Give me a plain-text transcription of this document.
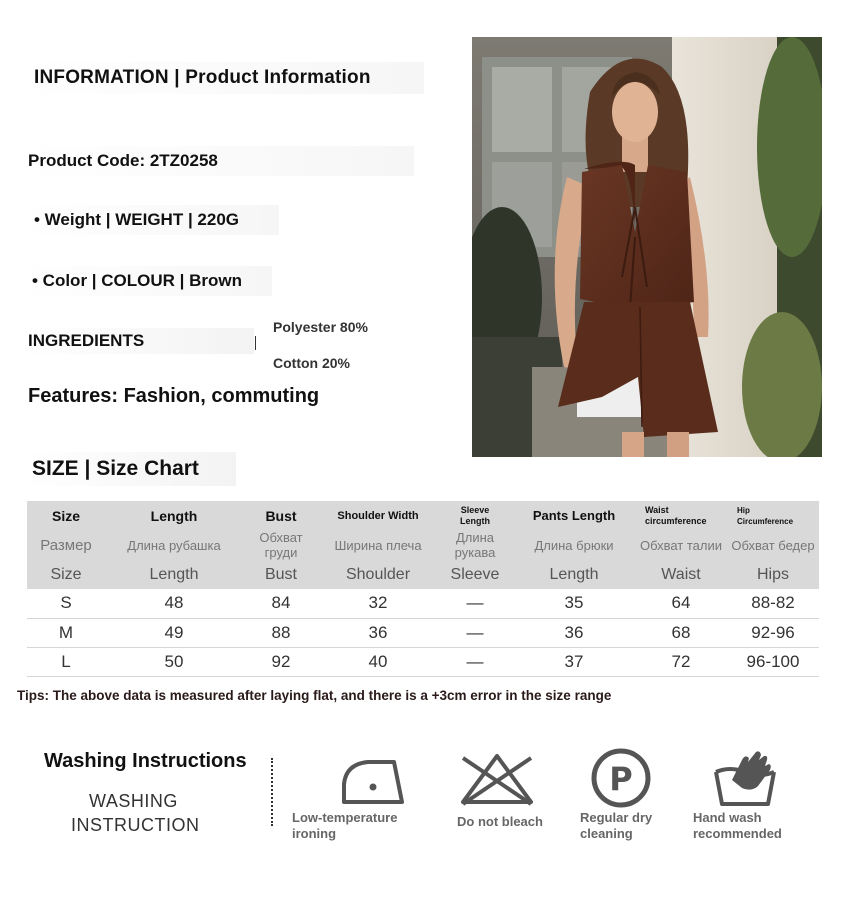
INFORMATION | Product Information
Product Code: 2TZ0258
• Weight | WEIGHT | 220G
• Color | COLOUR | Brown
INGREDIENTS
Polyester 80%
Cotton 20%
Features: Fashion, commuting
SIZE | Size Chart
Size	Length	Bust	Shoulder Width	Sleeve Length	Pants Length	Waist circumference	Hip Circumference
Размер	Длина рубашка	Обхват груди	Ширина плеча	Длина рукава	Длина брюки	Обхват талии	Обхват бедер
Size	Length	Bust	Shoulder	Sleeve	Length	Waist	Hips
S	48	84	32	—	35	64	88-82
M	49	88	36	—	36	68	92-96
L	50	92	40	—	37	72	96-100
Tips: The above data is measured after laying flat, and there is a +3cm error in the size range
Washing Instructions
WASHING
INSTRUCTION	Low-temperature
ironing
Do not bleach
P
Regular dry
cleaning
Hand wash
recommended
